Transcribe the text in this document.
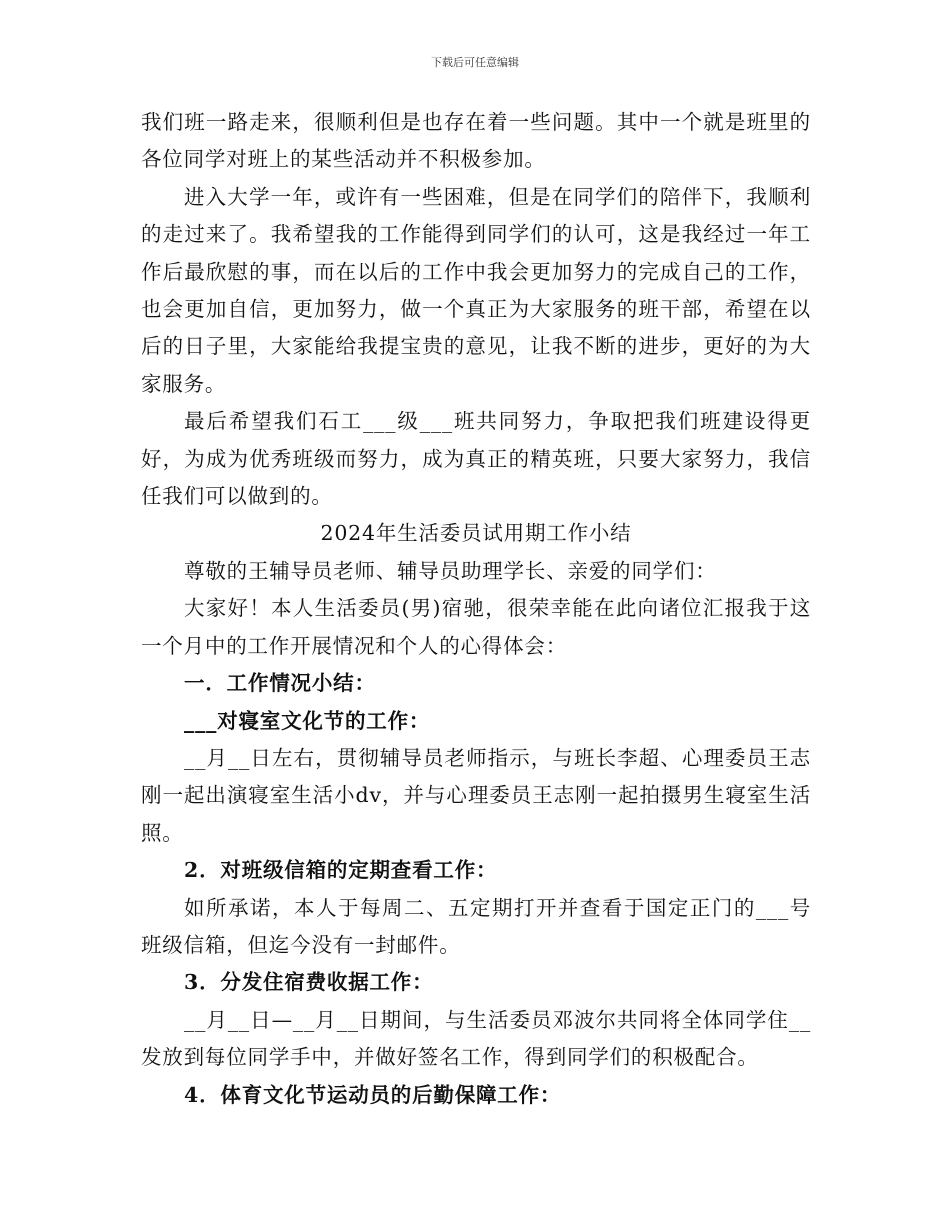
下载后可任意编辑

我们班一路走来，很顺利但是也存在着一些问题。其中一个就是班里的各位同学对班上的某些活动并不积极参加。

进入大学一年，或许有一些困难，但是在同学们的陪伴下，我顺利的走过来了。我希望我的工作能得到同学们的认可，这是我经过一年工作后最欣慰的事，而在以后的工作中我会更加努力的完成自己的工作，也会更加自信，更加努力，做一个真正为大家服务的班干部，希望在以后的日子里，大家能给我提宝贵的意见，让我不断的进步，更好的为大家服务。

最后希望我们石工___级___班共同努力，争取把我们班建设得更好，为成为优秀班级而努力，成为真正的精英班，只要大家努力，我信任我们可以做到的。

2024年生活委员试用期工作小结

尊敬的王辅导员老师、辅导员助理学长、亲爱的同学们：

大家好！本人生活委员(男)宿驰，很荣幸能在此向诸位汇报我于这一个月中的工作开展情况和个人的心得体会：

一．工作情况小结：

___对寝室文化节的工作：

__月__日左右，贯彻辅导员老师指示，与班长李超、心理委员王志刚一起出演寝室生活小dv，并与心理委员王志刚一起拍摄男生寝室生活照。

2．对班级信箱的定期查看工作：

如所承诺，本人于每周二、五定期打开并查看于国定正门的___号班级信箱，但迄今没有一封邮件。

3．分发住宿费收据工作：

__月__日—__月__日期间，与生活委员邓波尔共同将全体同学住__发放到每位同学手中，并做好签名工作，得到同学们的积极配合。

4．体育文化节运动员的后勤保障工作：
